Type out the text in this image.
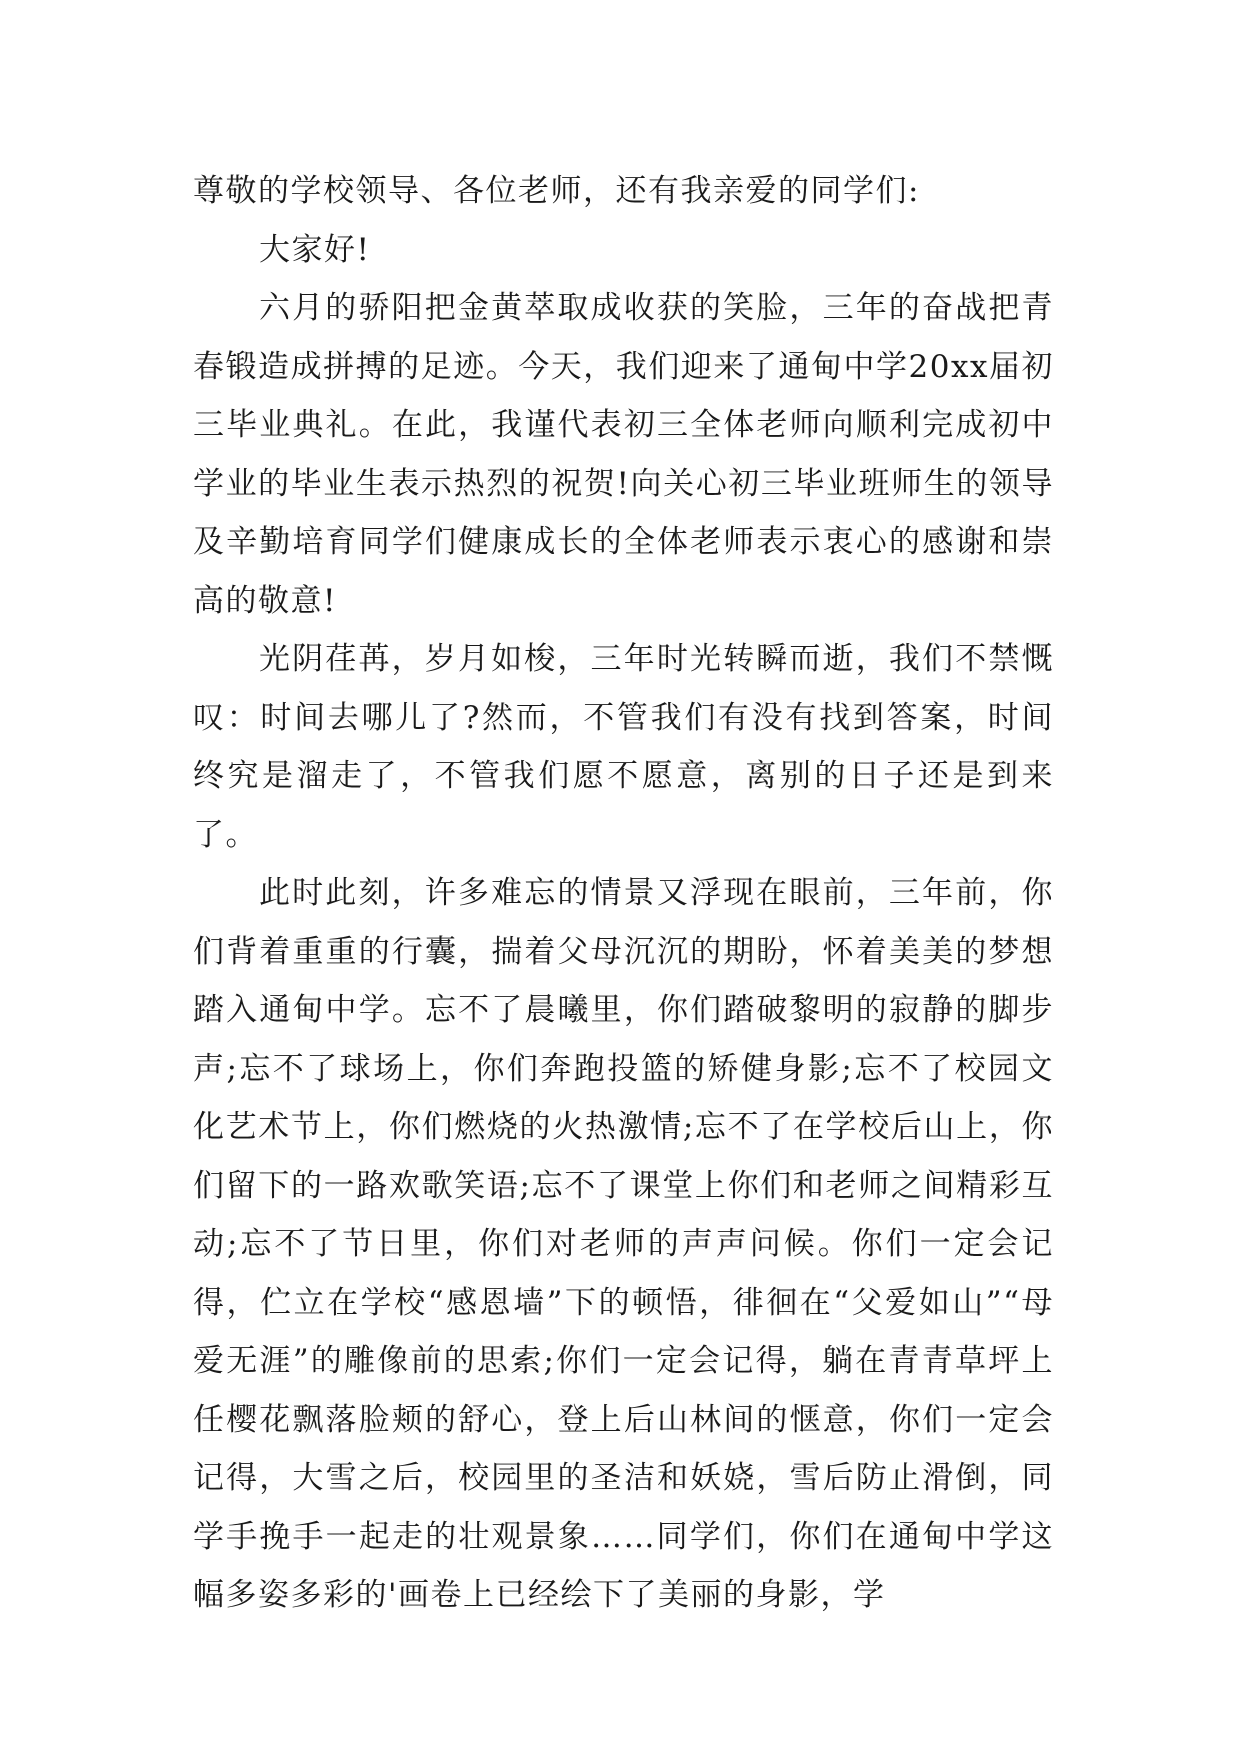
尊敬的学校领导、各位老师，还有我亲爱的同学们:

大家好!

六月的骄阳把金黄萃取成收获的笑脸，三年的奋战把青春锻造成拼搏的足迹。今天，我们迎来了通甸中学20xx届初三毕业典礼。在此，我谨代表初三全体老师向顺利完成初中学业的毕业生表示热烈的祝贺!向关心初三毕业班师生的领导及辛勤培育同学们健康成长的全体老师表示衷心的感谢和崇高的敬意!

光阴荏苒，岁月如梭，三年时光转瞬而逝，我们不禁慨叹：时间去哪儿了?然而，不管我们有没有找到答案，时间终究是溜走了，不管我们愿不愿意，离别的日子还是到来了。

此时此刻，许多难忘的情景又浮现在眼前，三年前，你们背着重重的行囊，揣着父母沉沉的期盼，怀着美美的梦想踏入通甸中学。忘不了晨曦里，你们踏破黎明的寂静的脚步声;忘不了球场上，你们奔跑投篮的矫健身影;忘不了校园文化艺术节上，你们燃烧的火热激情;忘不了在学校后山上，你们留下的一路欢歌笑语;忘不了课堂上你们和老师之间精彩互动;忘不了节日里，你们对老师的声声问候。你们一定会记得，伫立在学校“感恩墙”下的顿悟，徘徊在“父爱如山”“母爱无涯”的雕像前的思索;你们一定会记得，躺在青青草坪上任樱花飘落脸颊的舒心，登上后山林间的惬意，你们一定会记得，大雪之后，校园里的圣洁和妖娆，雪后防止滑倒，同学手挽手一起走的壮观景象……同学们，你们在通甸中学这幅多姿多彩的'画卷上已经绘下了美丽的身影，学
